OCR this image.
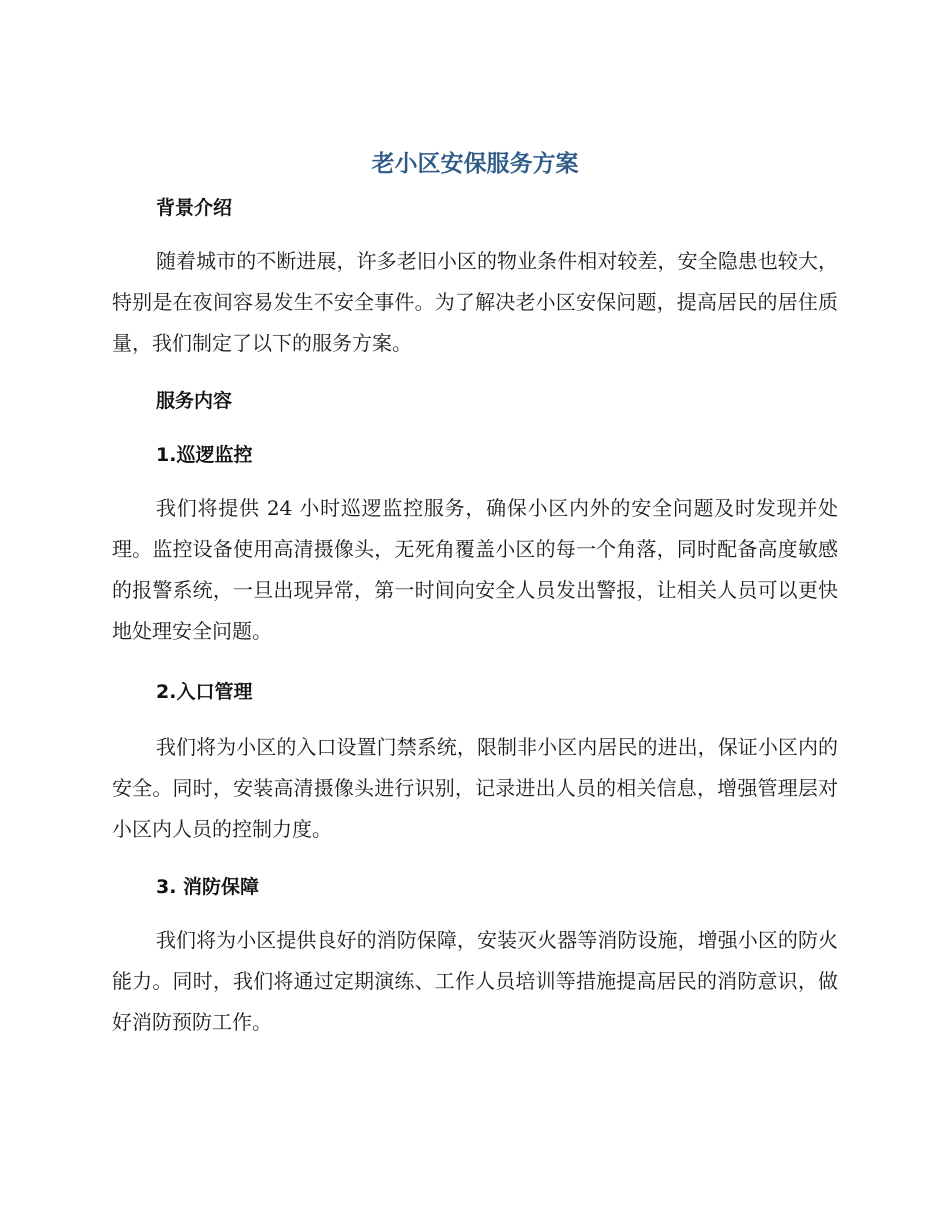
老小区安保服务方案
背景介绍

随着城市的不断进展，许多老旧小区的物业条件相对较差，安全隐患也较大，特别是在夜间容易发生不安全事件。为了解决老小区安保问题，提高居民的居住质量，我们制定了以下的服务方案。

服务内容
1.巡逻监控

我们将提供 24 小时巡逻监控服务，确保小区内外的安全问题及时发现并处理。监控设备使用高清摄像头，无死角覆盖小区的每一个角落，同时配备高度敏感的报警系统，一旦出现异常，第一时间向安全人员发出警报，让相关人员可以更快地处理安全问题。

2.入口管理

我们将为小区的入口设置门禁系统，限制非小区内居民的进出，保证小区内的安全。同时，安装高清摄像头进行识别，记录进出人员的相关信息，增强管理层对小区内人员的控制力度。

3. 消防保障

我们将为小区提供良好的消防保障，安装灭火器等消防设施，增强小区的防火能力。同时，我们将通过定期演练、工作人员培训等措施提高居民的消防意识，做好消防预防工作。
